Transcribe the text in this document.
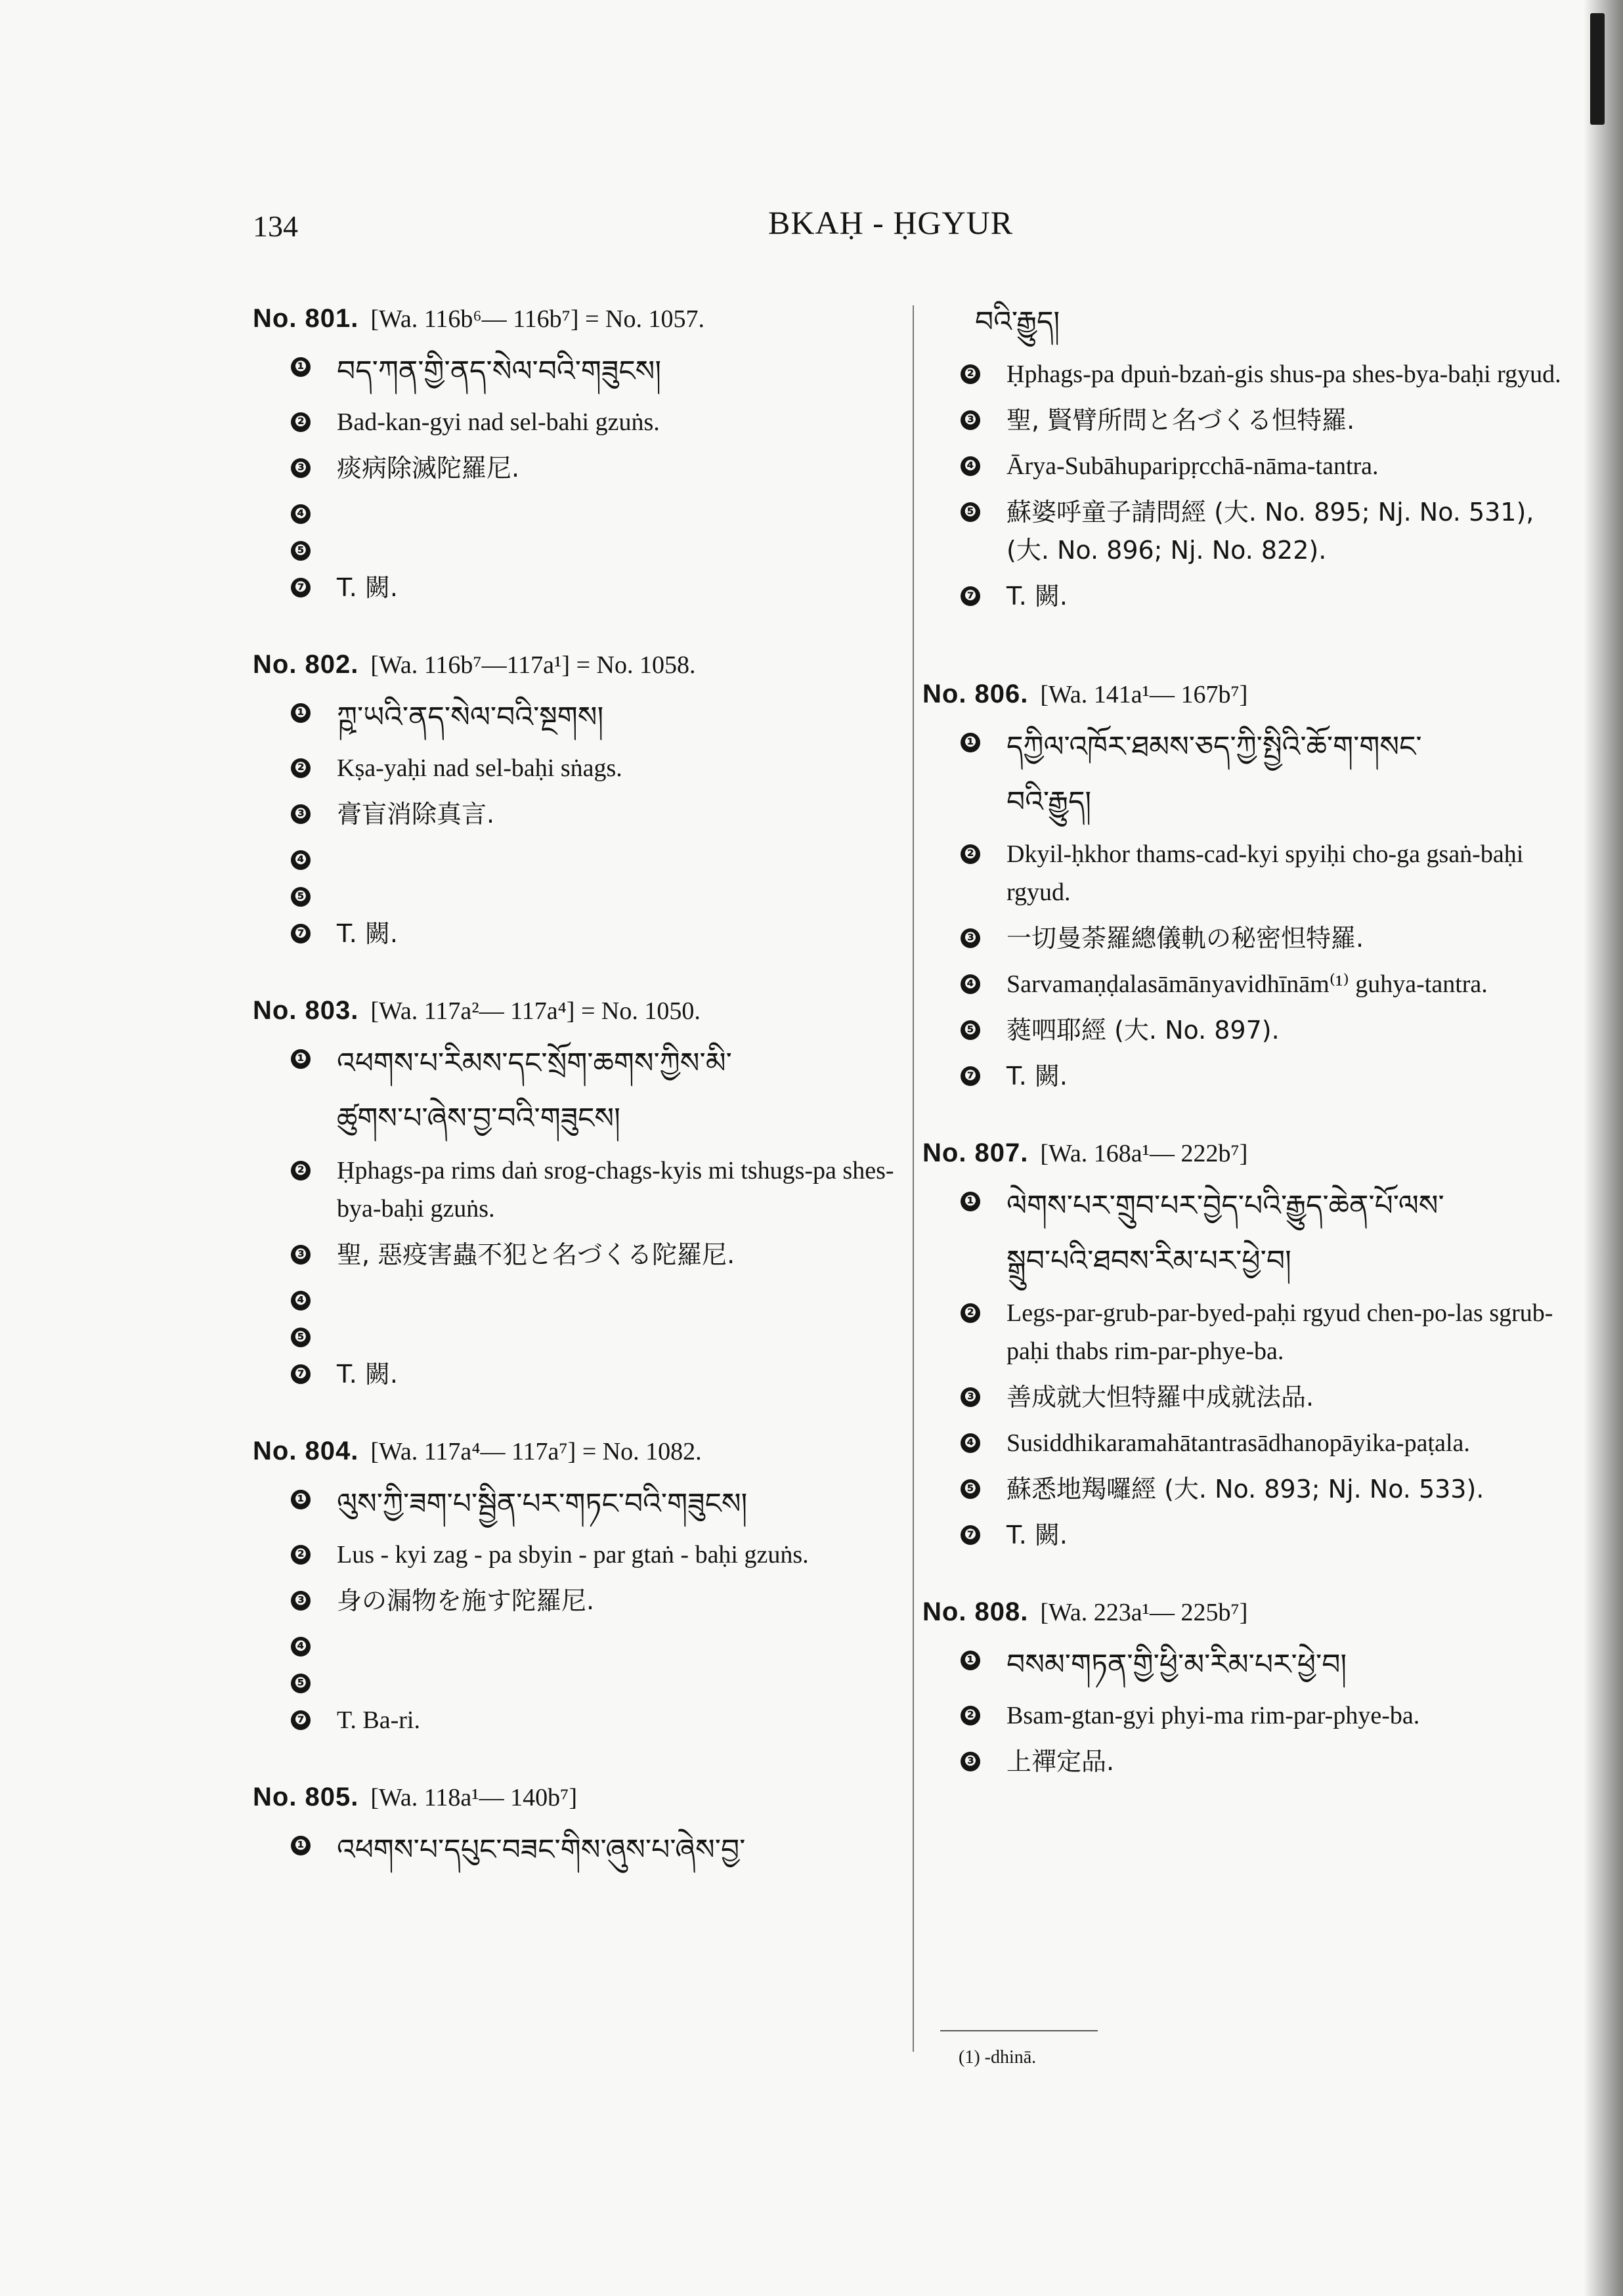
134	BKAḤ - ḤGYUR
No. 801. [Wa. 116b⁶— 116b⁷] = No. 1057.
❶ བད་ཀན་གྱི་ནད་སེལ་བའི་གཟུངས།
❷ Bad-kan-gyi nad sel-bahi gzuṅs.
❸ 痰病除滅陀羅尼.
❹
❺
❼ T. 闕.
No. 802. [Wa. 116b⁷—117a¹] = No. 1058.
❶ ཀྵ་ཡའི་ནད་སེལ་བའི་སྔགས།
❷ Kṣa-yaḥi nad sel-baḥi sṅags.
❸ 膏盲消除真言.
❹
❺
❼ T. 闕.
No. 803. [Wa. 117a²— 117a⁴] = No. 1050.
❶ འཕགས་པ་རིམས་དང་སྲོག་ཆགས་ཀྱིས་མི་
ཚུགས་པ་ཞེས་བྱ་བའི་གཟུངས།
❷ Ḥphags-pa rims daṅ srog-chags-kyis mi tshugs-pa shes-bya-baḥi gzuṅs.
❸ 聖, 惡疫害蟲不犯と名づくる陀羅尼.
❹
❺
❼ T. 闕.
No. 804. [Wa. 117a⁴— 117a⁷] = No. 1082.
❶ ལུས་ཀྱི་ཟག་པ་སྦྱིན་པར་གཏང་བའི་གཟུངས།
❷ Lus - kyi zag - pa sbyin - par gtaṅ - baḥi gzuṅs.
❸ 身の漏物を施す陀羅尼.
❹
❺
❼ T. Ba-ri.
No. 805. [Wa. 118a¹— 140b⁷]
❶ འཕགས་པ་དཔུང་བཟང་གིས་ཞུས་པ་ཞེས་བྱ་
བའི་རྒྱུད།
❷ Ḥphags-pa dpuṅ-bzaṅ-gis shus-pa shes-bya-baḥi rgyud.
❸ 聖, 賢臂所問と名づくる怛特羅.
❹ Ārya-Subāhuparipṛcchā-nāma-tantra.
❺ 蘇婆呼童子請問經 (大. No. 895; Nj. No. 531), (大. No. 896; Nj. No. 822).
❼ T. 闕.
No. 806. [Wa. 141a¹— 167b⁷]
❶ དཀྱིལ་འཁོར་ཐམས་ཅད་ཀྱི་སྤྱིའི་ཆོ་ག་གསང་
བའི་རྒྱུད།
❷ Dkyil-ḥkhor thams-cad-kyi spyiḥi cho-ga gsaṅ-baḥi rgyud.
❸ 一切曼荼羅總儀軌の秘密怛特羅.
❹ Sarvamaṇḍalasāmānyavidhīnām⁽¹⁾ guhya-tantra.
❺ 蕤呬耶經 (大. No. 897).
❼ T. 闕.
No. 807. [Wa. 168a¹— 222b⁷]
❶ ལེགས་པར་གྲུབ་པར་བྱེད་པའི་རྒྱུད་ཆེན་པོ་ལས་
སྒྲུབ་པའི་ཐབས་རིམ་པར་ཕྱེ་བ།
❷ Legs-par-grub-par-byed-paḥi rgyud chen-po-las sgrub-paḥi thabs rim-par-phye-ba.
❸ 善成就大怛特羅中成就法品.
❹ Susiddhikaramahātantrasādhanopāyika-paṭala.
❺ 蘇悉地羯囉經 (大. No. 893; Nj. No. 533).
❼ T. 闕.
No. 808. [Wa. 223a¹— 225b⁷]
❶ བསམ་གཏན་གྱི་ཕྱི་མ་རིམ་པར་ཕྱེ་བ།
❷ Bsam-gtan-gyi phyi-ma rim-par-phye-ba.
❸ 上禪定品.
(1) -dhinā.
